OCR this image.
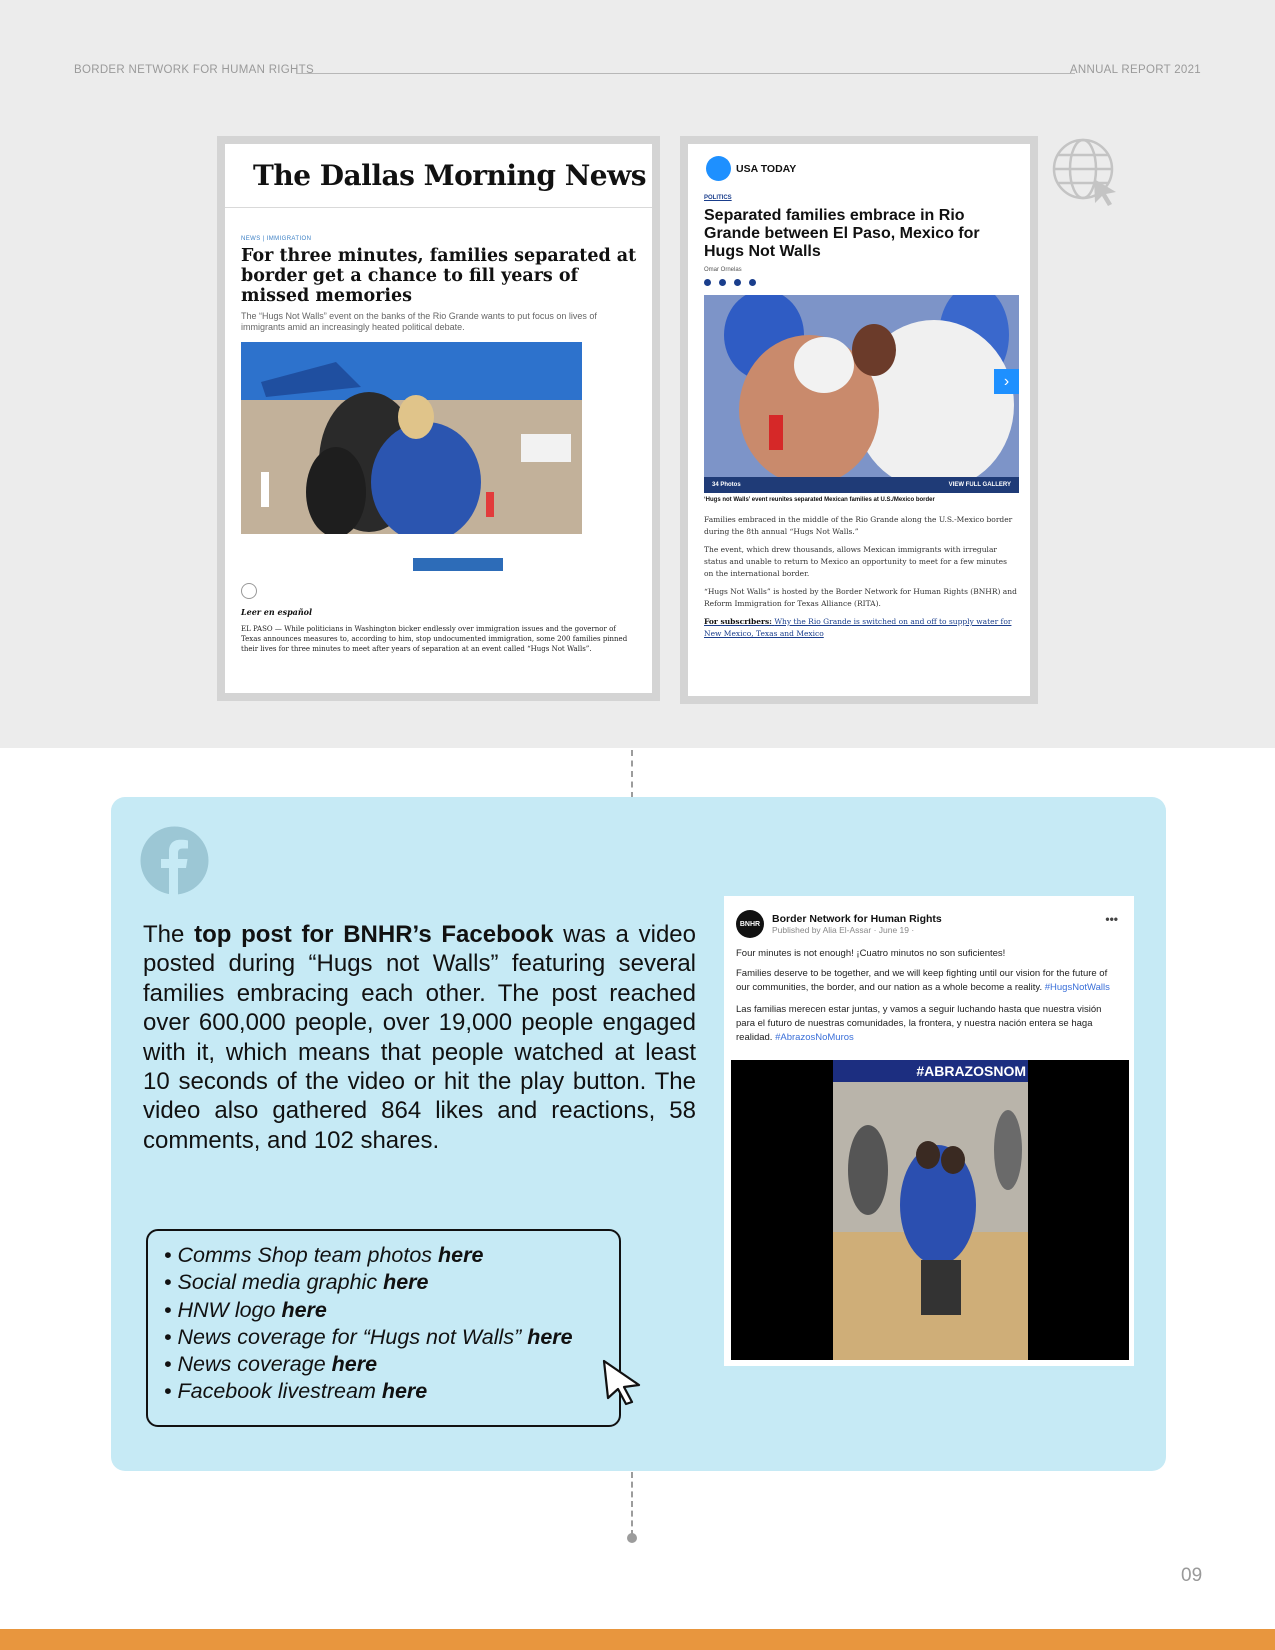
BORDER NETWORK FOR HUMAN RIGHTS	ANNUAL REPORT 2021
The Dallas Morning News
NEWS | IMMIGRATION
For three minutes, families separated at border get a chance to fill years of missed memories
The “Hugs Not Walls” event on the banks of the Rio Grande wants to put focus on lives of immigrants amid an increasingly heated political debate.

Leer en español
EL PASO — While politicians in Washington bicker endlessly over immigration issues and the governor of Texas announces measures to, according to him, stop undocumented immigration, some 200 families pinned their lives for three minutes to meet after years of separation at an event called “Hugs Not Walls”.
USA TODAY
POLITICS
Separated families embrace in Rio Grande between El Paso, Mexico for Hugs Not Walls
Omar Ornelas
›
34 Photos	VIEW FULL GALLERY
‘Hugs not Walls’ event reunites separated Mexican families at U.S./Mexico border
Families embraced in the middle of the Rio Grande along the U.S.-Mexico border during the 8th annual “Hugs Not Walls.”
The event, which drew thousands, allows Mexican immigrants with irregular status and unable to return to Mexico an opportunity to meet for a few minutes on the international border.
“Hugs Not Walls” is hosted by the Border Network for Human Rights (BNHR) and Reform Immigration for Texas Alliance (RITA).
For subscribers: Why the Rio Grande is switched on and off to supply water for New Mexico, Texas and Mexico
The top post for BNHR’s Facebook was a video posted during “Hugs not Walls” featuring several families embracing each other. The post reached over 600,000 people, over 19,000 people engaged with it, which means that people watched at least 10 seconds of the video or hit the play button. The video also gathered 864 likes and reactions, 58 comments, and 102 shares.
• Comms Shop team photos here
• Social media graphic here
• HNW logo here
• News coverage for “Hugs not Walls” here
• News coverage here
• Facebook livestream here
•••
BNHR	Border Network for Human Rights
Published by Alia El-Assar · June 19 ·
Four minutes is not enough! ¡Cuatro minutos no son suficientes!
Families deserve to be together, and we will keep fighting until our vision for the future of our communities, the border, and our nation as a whole become a reality. #HugsNotWalls
Las familias merecen estar juntas, y vamos a seguir luchando hasta que nuestra visión para el futuro de nuestras comunidades, la frontera, y nuestra nación entera se haga realidad. #AbrazosNoMuros
#ABRAZOSNOM
09
